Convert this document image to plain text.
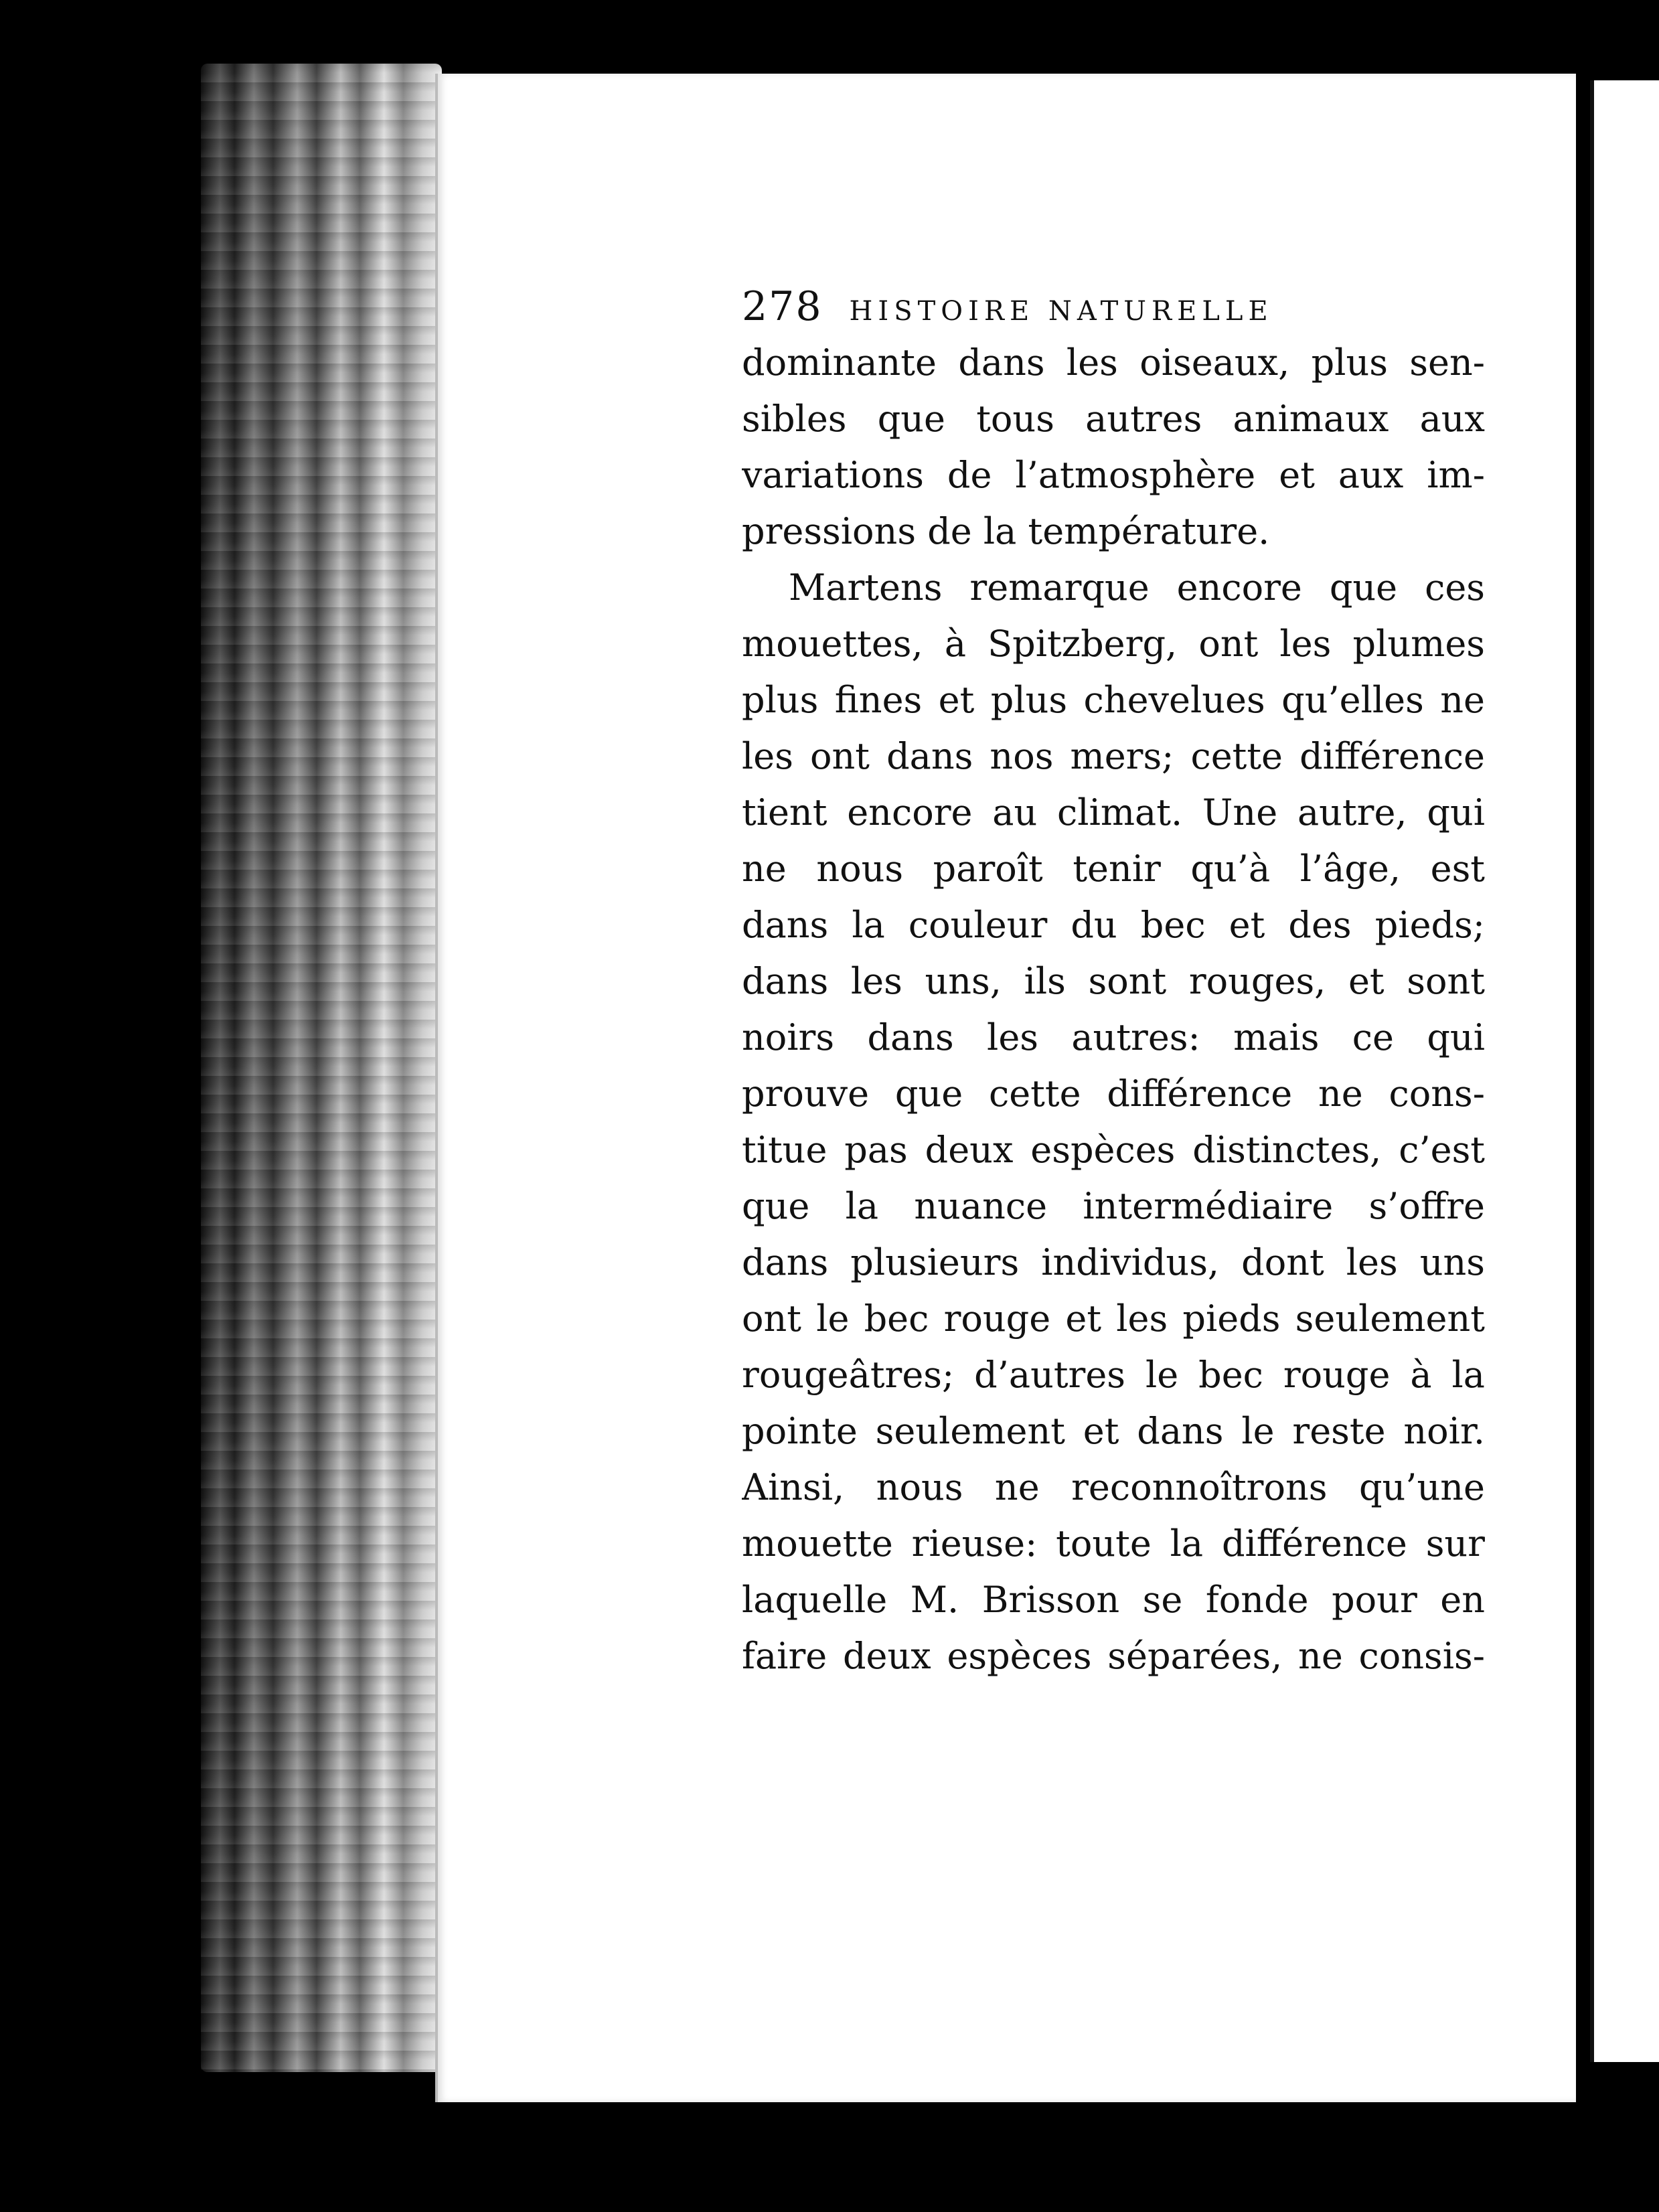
278 HISTOIRE NATURELLE
dominante dans les oiseaux, plus sen-
sibles que tous autres animaux aux
variations de l’atmosphère et aux im-
pressions de la température.
Martens remarque encore que ces
mouettes, à Spitzberg, ont les plumes
plus fines et plus chevelues qu’elles ne
les ont dans nos mers; cette différence
tient encore au climat. Une autre, qui
ne nous paroît tenir qu’à l’âge, est
dans la couleur du bec et des pieds;
dans les uns, ils sont rouges, et sont
noirs dans les autres: mais ce qui
prouve que cette différence ne cons-
titue pas deux espèces distinctes, c’est
que la nuance intermédiaire s’offre
dans plusieurs individus, dont les uns
ont le bec rouge et les pieds seulement
rougeâtres; d’autres le bec rouge à la
pointe seulement et dans le reste noir.
Ainsi, nous ne reconnoîtrons qu’une
mouette rieuse: toute la différence sur
laquelle M. Brisson se fonde pour en
faire deux espèces séparées, ne consis-
